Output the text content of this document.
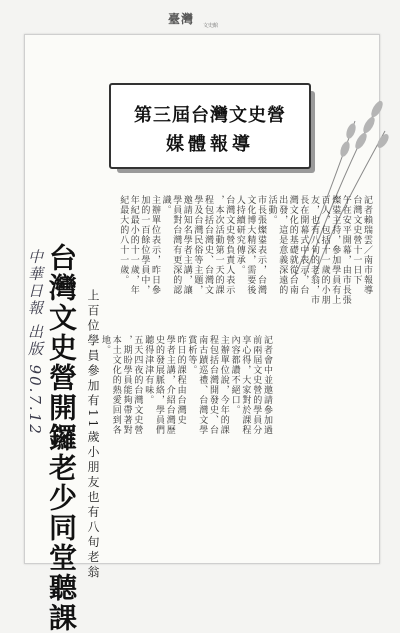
臺灣 文史館
第三屆台灣文史營
媒體報導
記者賴瑞雲／南市報導
台灣文史營十一日下
午在安平開幕，由市長張
燦鍙主持，參加學員有上
百人，包括十一歲的小朋
友，也有八旬的老翁，市
長在開幕式中表示，台
灣文化的基礎就從台南
出發，這是意義深遠的
活動。
市長張燦鍙表示，台灣
文化博大精深，需要後
人持續研究傳承。
台灣文史營負責人表示
，本次活動第一天的課
程包括台灣史、台灣文
學及台灣民俗等主題，
邀請知名學者主講，讓
學員對台灣有更深的認
識。
主辦單位表示，昨日參
加的一百餘位學員中，
年紀最小的十一歲，年
紀最大的八十一歲。
中華日報 出版 90.7.12 台灣文史營開鑼老少同堂聽課 上百位學員參加有11歲小朋友也有八旬老翁	記者會中並邀請參加過
前兩屆文史營的學員分
享心得，大家對於課程
內容都讚不絕口。
主辦單位說，今年的課
程包括台灣開發史、台
南古蹟巡禮、台灣文學
賞析等。
昨日的課程由台灣史
學者主講，介紹台灣歷
史的發展脈絡，學員們
聽得津津有味。
五天四夜的台灣文史營
，期盼學員能夠帶著對
本土文化的熱愛回到各
地。
